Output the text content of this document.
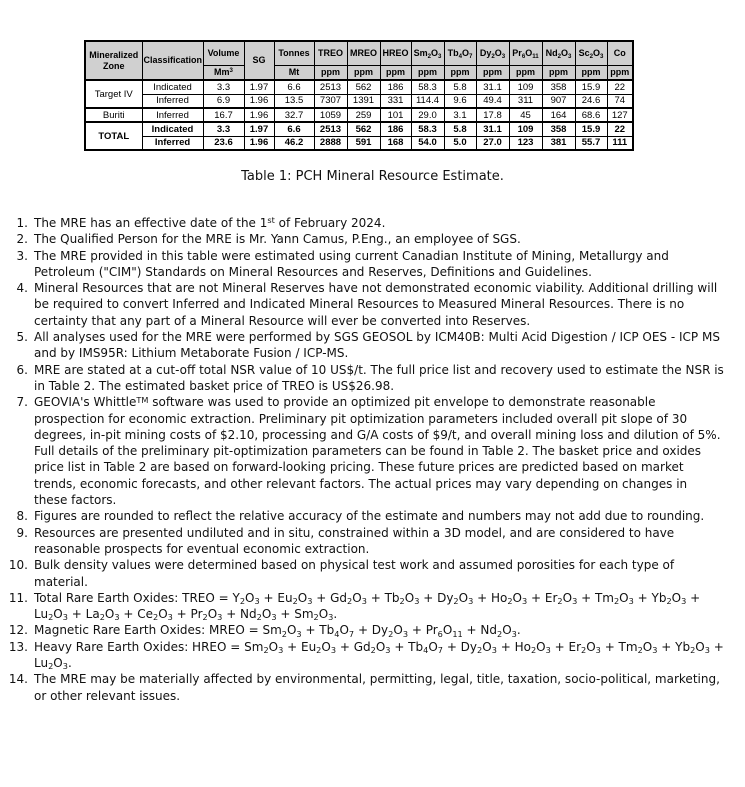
Mineralized Zone	Classification	Volume	SG	Tonnes	TREO	MREO	HREO	$Sm_2O_3$	$Tb_4O_7$	$Dy_2O_3$	$Pr_6O_{11}$	$Nd_2O_3$	$Sc_2O_3$	Co
		Mm$^3$		Mt	ppm	ppm	ppm	ppm	ppm	ppm	ppm	ppm	ppm	ppm
Target IV	Indicated	3.3	1.97	6.6	2513	562	186	58.3	5.8	31.1	109	358	15.9	22
	Inferred	6.9	1.96	13.5	7307	1391	331	114.4	9.6	49.4	311	907	24.6	74
Buriti	Inferred	16.7	1.96	32.7	1059	259	101	29.0	3.1	17.8	45	164	68.6	127
TOTAL	Indicated	3.3	1.97	6.6	2513	562	186	58.3	5.8	31.1	109	358	15.9	22
	Inferred	23.6	1.96	46.2	2888	591	168	54.0	5.0	27.0	123	381	55.7	111
Table 1: PCH Mineral Resource Estimate.
1. The MRE has an effective date of the 1st of February 2024.
2. The Qualified Person for the MRE is Mr. Yann Camus, P.Eng., an employee of SGS.
3. The MRE provided in this table were estimated using current Canadian Institute of Mining, Metallurgy and Petroleum ("CIM") Standards on Mineral Resources and Reserves, Definitions and Guidelines.
4. Mineral Resources that are not Mineral Reserves have not demonstrated economic viability. Additional drilling will be required to convert Inferred and Indicated Mineral Resources to Measured Mineral Resources. There is no certainty that any part of a Mineral Resource will ever be converted into Reserves.
5. All analyses used for the MRE were performed by SGS GEOSOL by ICM40B: Multi Acid Digestion / ICP OES - ICP MS and by IMS95R: Lithium Metaborate Fusion / ICP-MS.
6. MRE are stated at a cut-off total NSR value of 10 US$/t. The full price list and recovery used to estimate the NSR is in Table 2. The estimated basket price of TREO is US$26.98.
7. GEOVIA's Whittle™ software was used to provide an optimized pit envelope to demonstrate reasonable prospection for economic extraction. Preliminary pit optimization parameters included overall pit slope of 30 degrees, in-pit mining costs of $2.10, processing and G/A costs of $9/t, and overall mining loss and dilution of 5%. Full details of the preliminary pit-optimization parameters can be found in Table 2. The basket price and oxides price list in Table 2 are based on forward-looking pricing. These future prices are predicted based on market trends, economic forecasts, and other relevant factors. The actual prices may vary depending on changes in these factors.
8. Figures are rounded to reflect the relative accuracy of the estimate and numbers may not add due to rounding.
9. Resources are presented undiluted and in situ, constrained within a 3D model, and are considered to have reasonable prospects for eventual economic extraction.
10. Bulk density values were determined based on physical test work and assumed porosities for each type of material.
11. Total Rare Earth Oxides: TREO = $Y_2O_3 + Eu_2O_3 + Gd_2O_3 + Tb_2O_3 + Dy_2O_3 + Ho_2O_3 + Er_2O_3 + Tm_2O_3 + Yb_2O_3 + Lu_2O_3 + La_2O_3 + Ce_2O_3 + Pr_2O_3 + Nd_2O_3 + Sm_2O_3$.
12. Magnetic Rare Earth Oxides: MREO = $Sm_2O_3 + Tb_4O_7 + Dy_2O_3 + Pr_6O_{11} + Nd_2O_3$.
13. Heavy Rare Earth Oxides: HREO = $Sm_2O_3 + Eu_2O_3 + Gd_2O_3 + Tb_4O_7 + Dy_2O_3 + Ho_2O_3 + Er_2O_3 + Tm_2O_3 + Yb_2O_3 + Lu_2O_3$.
14. The MRE may be materially affected by environmental, permitting, legal, title, taxation, socio-political, marketing, or other relevant issues.
